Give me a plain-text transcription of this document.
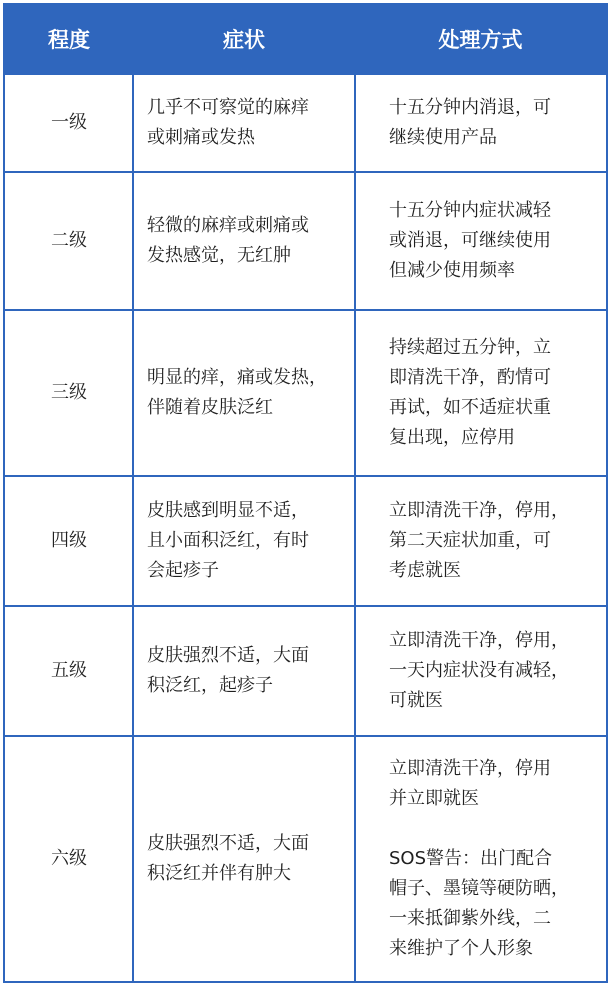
程度	症状	处理方式
一级
几乎不可察觉的麻痒
或刺痛或发热
十五分钟内消退，可
继续使用产品
二级
轻微的麻痒或刺痛或
发热感觉，无红肿
十五分钟内症状减轻
或消退，可继续使用
但减少使用频率
三级
明显的痒，痛或发热，
伴随着皮肤泛红
持续超过五分钟，立
即清洗干净，酌情可
再试，如不适症状重
复出现，应停用
四级
皮肤感到明显不适，
且小面积泛红，有时
会起疹子
立即清洗干净，停用，
第二天症状加重，可
考虑就医
五级
皮肤强烈不适，大面
积泛红，起疹子
立即清洗干净，停用，
一天内症状没有减轻，
可就医
六级
皮肤强烈不适，大面
积泛红并伴有肿大
立即清洗干净，停用
并立即就医

SOS警告：出门配合
帽子、墨镜等硬防晒，
一来抵御紫外线，二
来维护了个人形象
